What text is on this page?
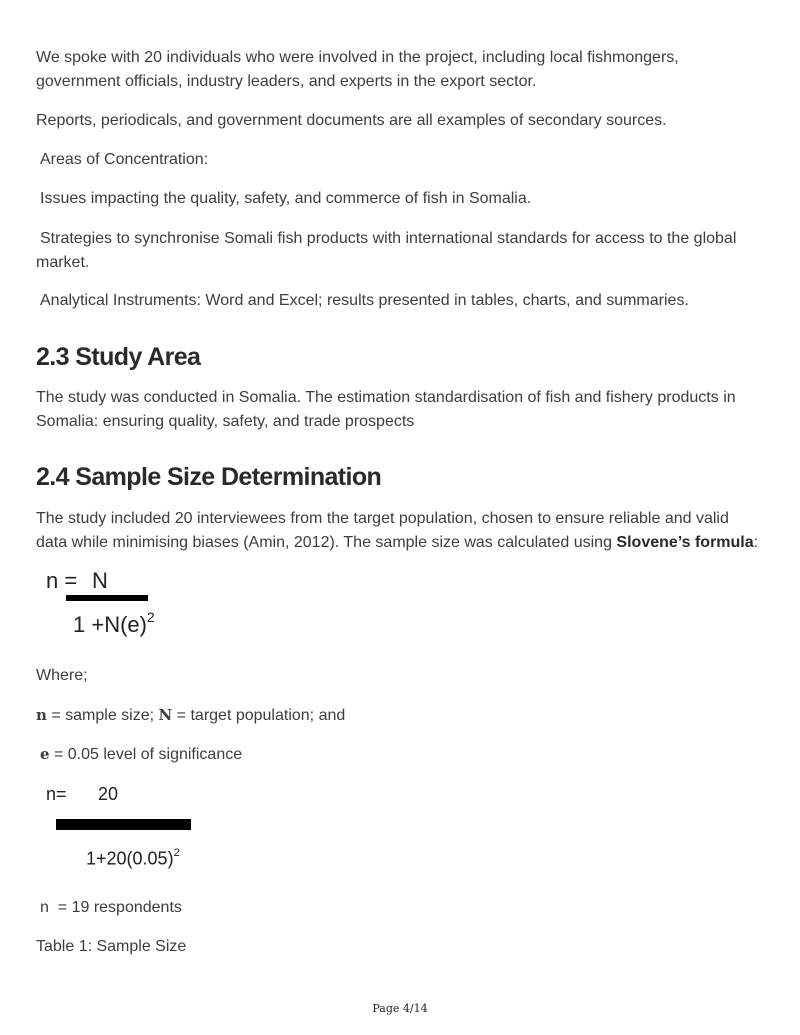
We spoke with 20 individuals who were involved in the project, including local fishmongers, government officials, industry leaders, and experts in the export sector.

Reports, periodicals, and government documents are all examples of secondary sources.

Areas of Concentration:

Issues impacting the quality, safety, and commerce of fish in Somalia.

Strategies to synchronise Somali fish products with international standards for access to the global market.

Analytical Instruments: Word and Excel; results presented in tables, charts, and summaries.

2.3 Study Area

The study was conducted in Somalia. The estimation standardisation of fish and fishery products in Somalia: ensuring quality, safety, and trade prospects

2.4 Sample Size Determination

The study included 20 interviewees from the target population, chosen to ensure reliable and valid data while minimising biases (Amin, 2012). The sample size was calculated using Slovene’s formula:

n = N
$1 +N(e)^2$

Where;

n = sample size; N = target population; and

e = 0.05 level of significance

n= 20
$1+20(0.05)^2$

n  = 19 respondents

Table 1: Sample Size

Page 4/14
